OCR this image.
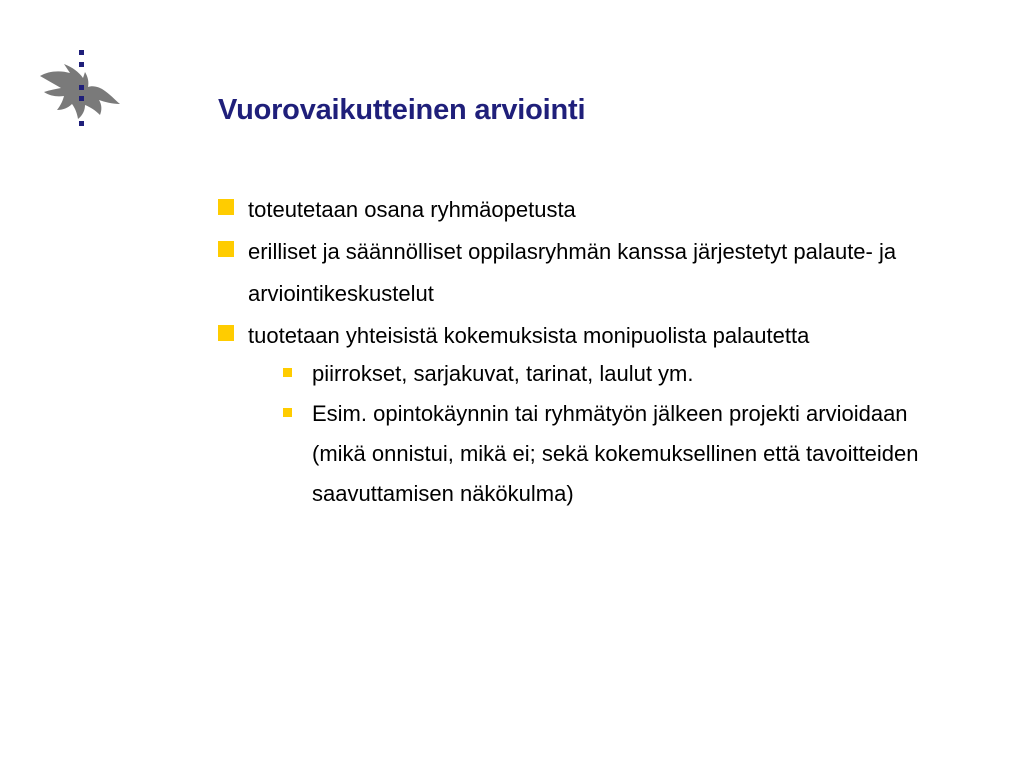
Vuorovaikutteinen arviointi
toteutetaan osana ryhmäopetusta
erilliset ja säännölliset oppilasryhmän kanssa järjestetyt palaute- ja arviointikeskustelut
tuotetaan yhteisistä kokemuksista monipuolista palautetta
piirrokset, sarjakuvat, tarinat, laulut ym.
Esim. opintokäynnin tai ryhmätyön jälkeen projekti arvioidaan (mikä onnistui, mikä ei; sekä kokemuksellinen että tavoitteiden saavuttamisen näkökulma)
